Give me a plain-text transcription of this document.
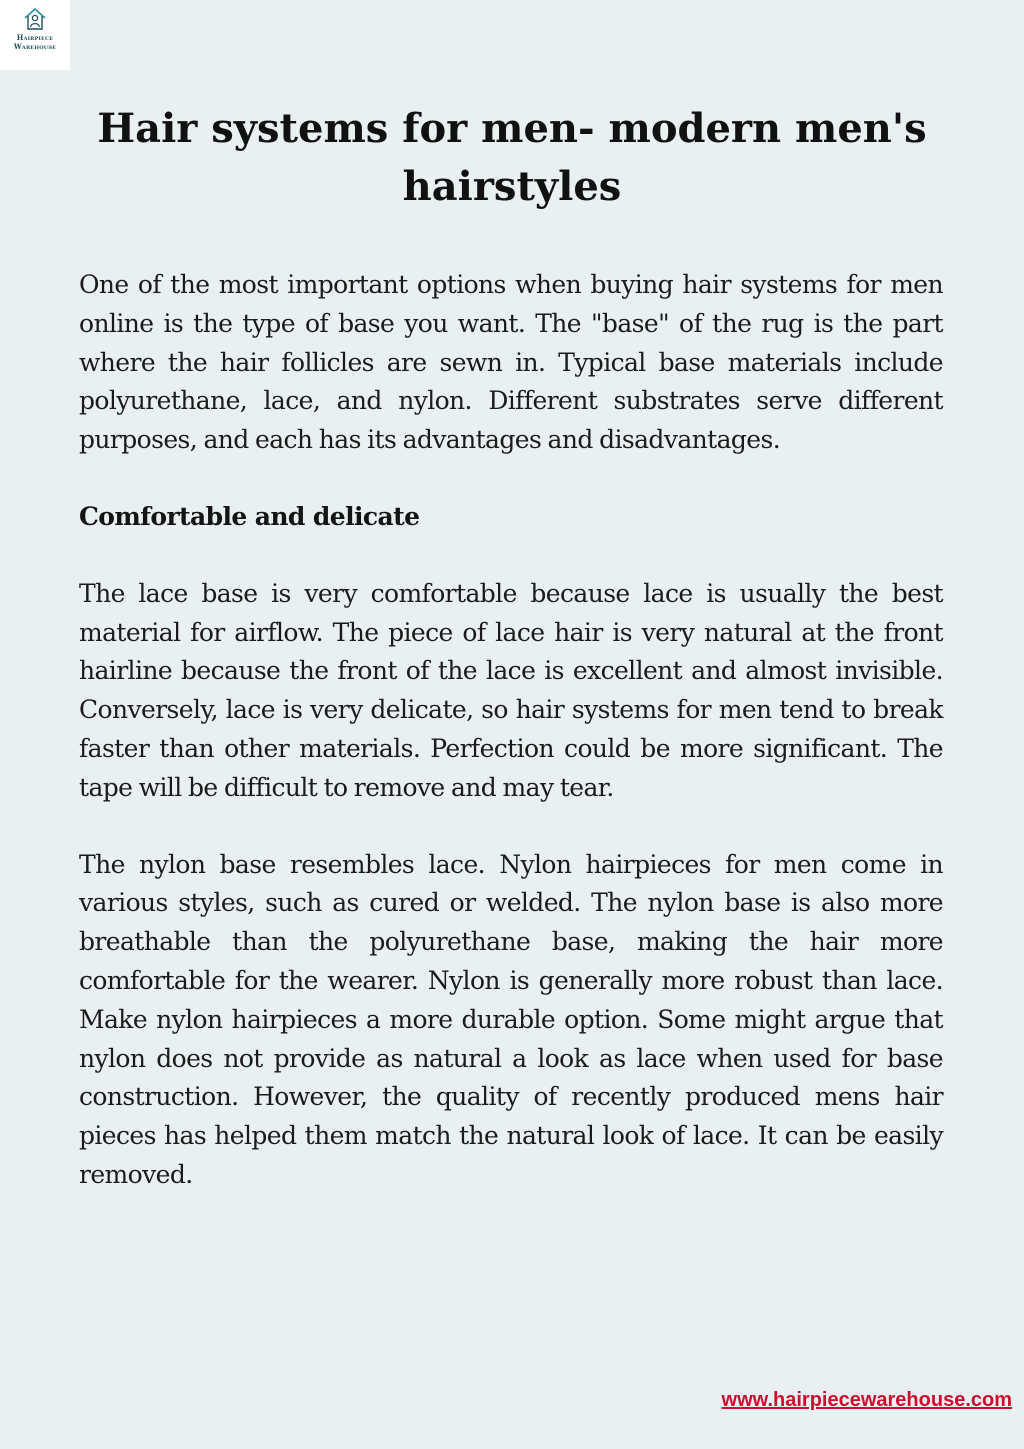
Hairpiece
Warehouse
Hair systems for men- modern men's hairstyles

One of the most important options when buying hair systems for men online is the type of base you want. The "base" of the rug is the part where the hair follicles are sewn in. Typical base materials include polyurethane, lace, and nylon. Different substrates serve different purposes, and each has its advantages and disadvantages.

Comfortable and delicate

The lace base is very comfortable because lace is usually the best material for airflow. The piece of lace hair is very natural at the front hairline because the front of the lace is excellent and almost invisible. Conversely, lace is very delicate, so hair systems for men tend to break faster than other materials. Perfection could be more significant. The tape will be difficult to remove and may tear.

The nylon base resembles lace. Nylon hairpieces for men come in various styles, such as cured or welded. The nylon base is also more breathable than the polyurethane base, making the hair more comfortable for the wearer. Nylon is generally more robust than lace. Make nylon hairpieces a more durable option. Some might argue that nylon does not provide as natural a look as lace when used for base construction. However, the quality of recently produced mens hair pieces has helped them match the natural look of lace. It can be easily removed.

www.hairpiecewarehouse.com
